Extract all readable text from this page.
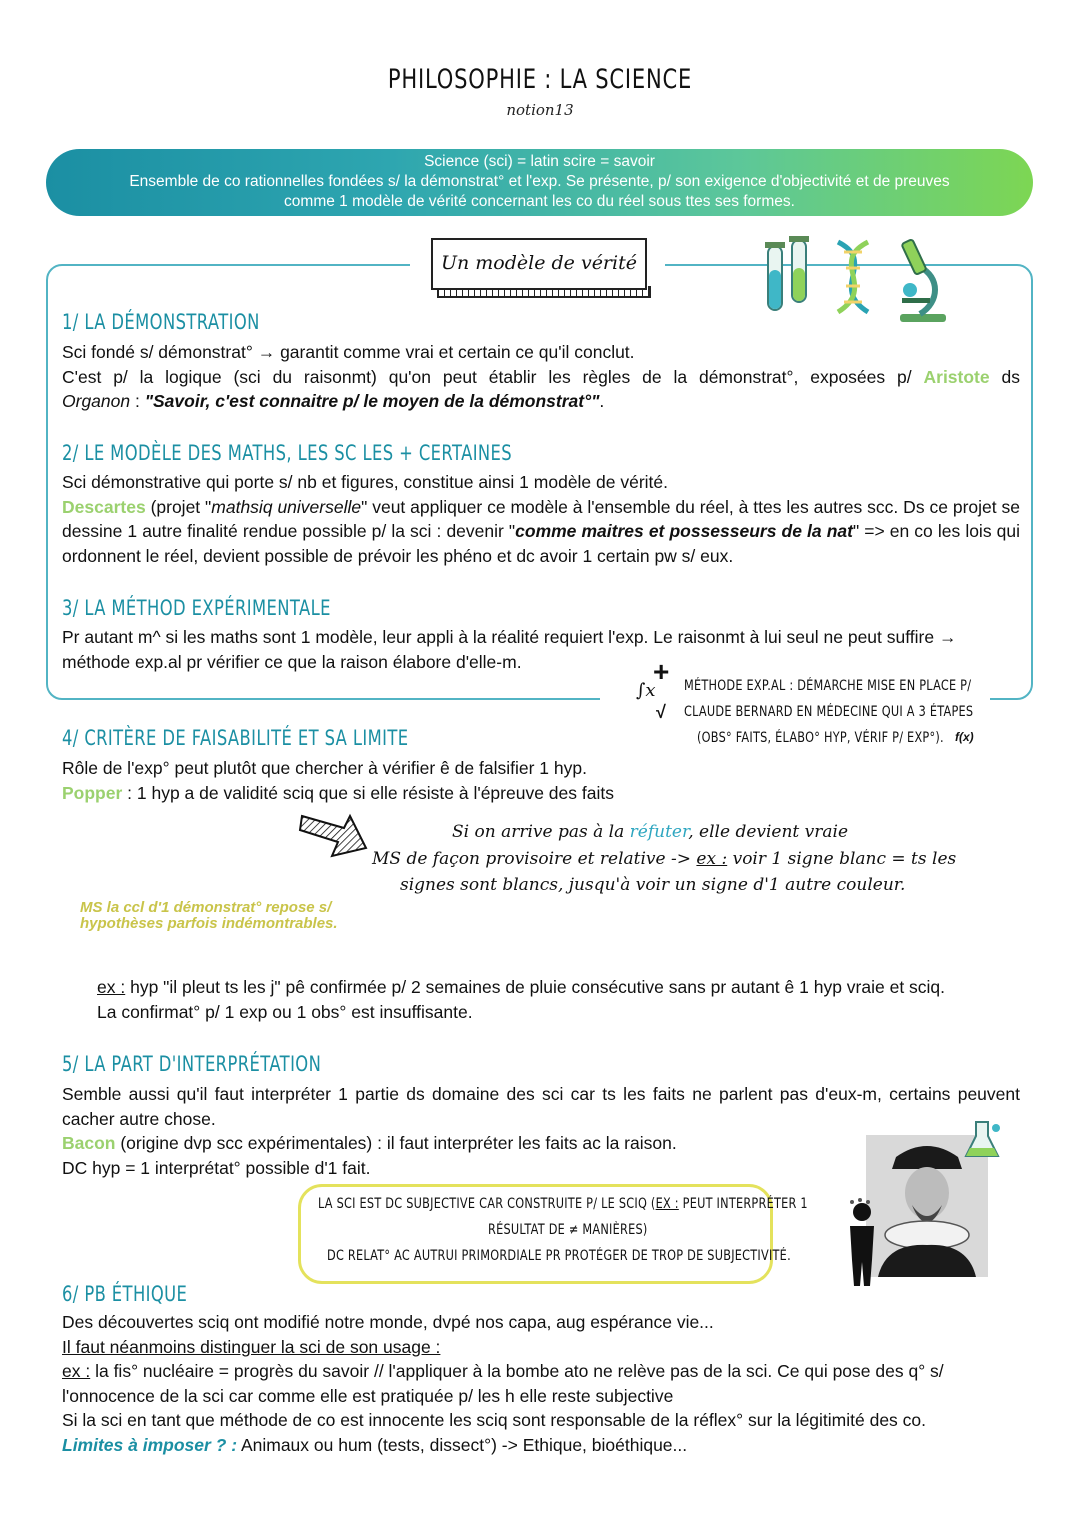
PHILOSOPHIE : LA SCIENCE
notion13
Science (sci) = latin scire = savoir
Ensemble de co rationnelles fondées s/ la démonstrat° et l'exp. Se présente, p/ son exigence d'objectivité et de preuves
comme 1 modèle de vérité concernant les co du réel sous ttes ses formes.
Un modèle de vérité
1/ LA DÉMONSTRATION
Sci fondé s/ démonstrat° → garantit comme vrai et certain ce qu'il conclut.
C'est p/ la logique (sci du raisonmt) qu'on peut établir les règles de la démonstrat°, exposées p/ Aristote ds
Organon : "Savoir, c'est connaitre p/ le moyen de la démonstrat°".
2/ LE MODÈLE DES MATHS, LES SC LES + CERTAINES
Sci démonstrative qui porte s/ nb et figures, constitue ainsi 1 modèle de vérité.
Descartes (projet "mathsiq universelle" veut appliquer ce modèle à l'ensemble du réel, à ttes les autres scc. Ds ce projet se dessine 1 autre finalité rendue possible p/ la sci : devenir "comme maitres et possesseurs de la nat" => en co les lois qui ordonnent le réel, devient possible de prévoir les phéno et dc avoir 1 certain pw s/ eux.
3/ LA MÉTHOD EXPÉRIMENTALE
Pr autant m^ si les maths sont 1 modèle, leur appli à la réalité requiert l'exp. Le raisonmt à lui seul ne peut suffire →
méthode exp.al pr vérifier ce que la raison élabore d'elle-m.	+
∫x
√
MÉTHODE EXP.AL : DÉMARCHE MISE EN PLACE P/
CLAUDE BERNARD EN MÉDECINE QUI A 3 ÉTAPES
(OBS° FAITS, ÉLABO° HYP, VÉRIF P/ EXP°). f(x)
4/ CRITÈRE DE FAISABILITÉ ET SA LIMITE
Rôle de l'exp° peut plutôt que chercher à vérifier ê de falsifier 1 hyp.
Popper : 1 hyp a de validité sciq que si elle résiste à l'épreuve des faits
Si on arrive pas à la réfuter, elle devient vraie
MS de façon provisoire et relative -> ex : voir 1 signe blanc = ts les
signes sont blancs, jusqu'à voir un signe d'1 autre couleur.
MS la ccl d'1 démonstrat° repose s/
hypothèses parfois indémontrables.
ex : hyp "il pleut ts les j" pê confirmée p/ 2 semaines de pluie consécutive sans pr autant ê 1 hyp vraie et sciq.
La confirmat° p/ 1 exp ou 1 obs° est insuffisante.
5/ LA PART D'INTERPRÉTATION
Semble aussi qu'il faut interpréter 1 partie ds domaine des sci car ts les faits ne parlent pas d'eux-m, certains peuvent cacher autre chose.
Bacon (origine dvp scc expérimentales) : il faut interpréter les faits ac la raison.
DC hyp = 1 interprétat° possible d'1 fait.
LA SCI EST DC SUBJECTIVE CAR CONSTRUITE P/ LE SCIQ (EX : PEUT INTERPRÉTER 1
RÉSULTAT DE ≠ MANIÈRES)
DC RELAT° AC AUTRUI PRIMORDIALE PR PROTÉGER DE TROP DE SUBJECTIVITÉ.
6/ PB ÉTHIQUE
Des découvertes sciq ont modifié notre monde, dvpé nos capa, aug espérance vie...
Il faut néanmoins distinguer la sci de son usage :
ex : la fis° nucléaire = progrès du savoir // l'appliquer à la bombe ato ne relève pas de la sci. Ce qui pose des q° s/ l'onnocence de la sci car comme elle est pratiquée p/ les h elle reste subjective
Si la sci en tant que méthode de co est innocente les sciq sont responsable de la réflex° sur la légitimité des co.
Limites à imposer ? : Animaux ou hum (tests, dissect°) -> Ethique, bioéthique...
